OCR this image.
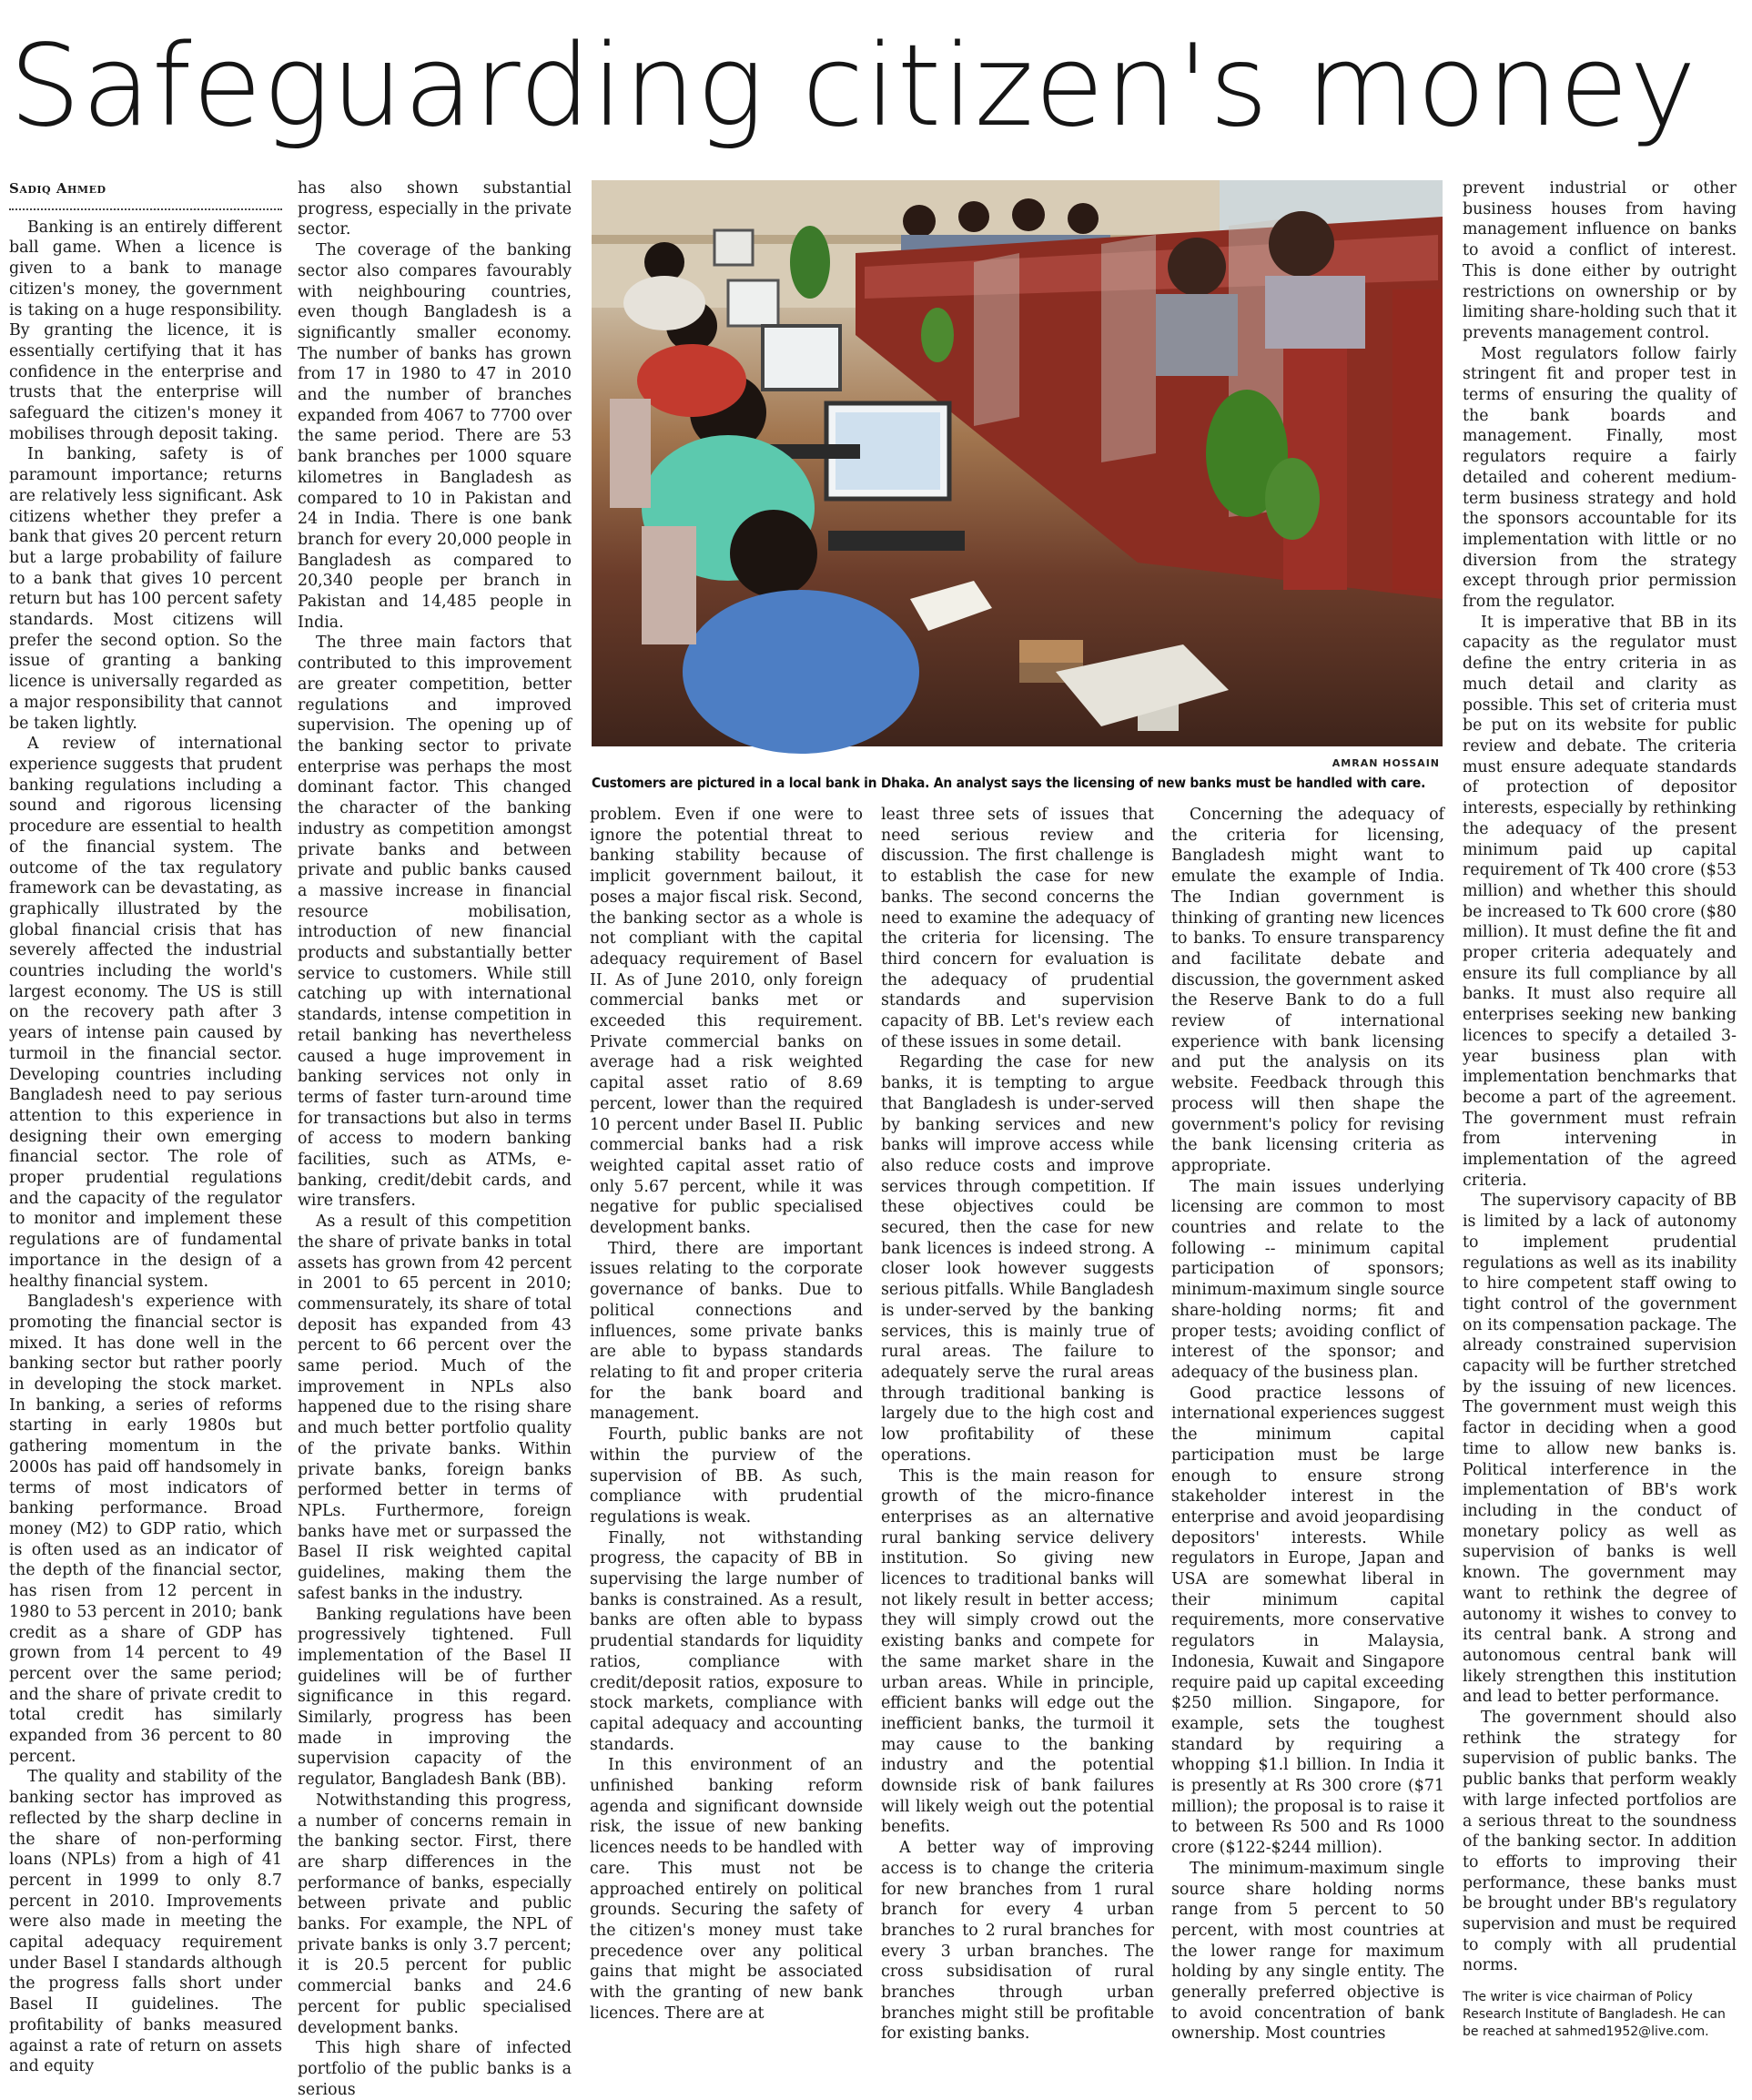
Safeguarding citizen's money
Sadiq Ahmed

Banking is an entirely different ball game. When a licence is given to a bank to manage citizen's money, the government is taking on a huge responsibility. By granting the licence, it is essentially certifying that it has confidence in the enterprise and trusts that the enterprise will safeguard the citizen's money it mobilises through deposit taking.

In banking, safety is of paramount importance; returns are relatively less significant. Ask citizens whether they prefer a bank that gives 20 percent return but a large probability of failure to a bank that gives 10 percent return but has 100 percent safety standards. Most citizens will prefer the second option. So the issue of granting a banking licence is universally regarded as a major responsibility that cannot be taken lightly.

A review of international experience suggests that prudent banking regulations including a sound and rigorous licensing procedure are essential to health of the financial system. The outcome of the tax regulatory framework can be devastating, as graphically illustrated by the global financial crisis that has severely affected the industrial countries including the world's largest economy. The US is still on the recovery path after 3 years of intense pain caused by turmoil in the financial sector. Developing countries including Bangladesh need to pay serious attention to this experience in designing their own emerging financial sector. The role of proper prudential regulations and the capacity of the regulator to monitor and implement these regulations are of fundamental importance in the design of a healthy financial system.

Bangladesh's experience with promoting the financial sector is mixed. It has done well in the banking sector but rather poorly in developing the stock market. In banking, a series of reforms starting in early 1980s but gathering momentum in the 2000s has paid off handsomely in terms of most indicators of banking performance. Broad money (M2) to GDP ratio, which is often used as an indicator of the depth of the financial sector, has risen from 12 percent in 1980 to 53 percent in 2010; bank credit as a share of GDP has grown from 14 percent to 49 percent over the same period; and the share of private credit to total credit has similarly expanded from 36 percent to 80 percent.

The quality and stability of the banking sector has improved as reflected by the sharp decline in the share of non-performing loans (NPLs) from a high of 41 percent in 1999 to only 8.7 percent in 2010. Improvements were also made in meeting the capital adequacy requirement under Basel I standards although the progress falls short under Basel II guidelines. The profitability of banks measured against a rate of return on assets and equity

has also shown substantial progress, especially in the private sector.

The coverage of the banking sector also compares favourably with neighbouring countries, even though Bangladesh is a significantly smaller economy. The number of banks has grown from 17 in 1980 to 47 in 2010 and the number of branches expanded from 4067 to 7700 over the same period. There are 53 bank branches per 1000 square kilometres in Bangladesh as compared to 10 in Pakistan and 24 in India. There is one bank branch for every 20,000 people in Bangladesh as compared to 20,340 people per branch in Pakistan and 14,485 people in India.

The three main factors that contributed to this improvement are greater competition, better regulations and improved supervision. The opening up of the banking sector to private enterprise was perhaps the most dominant factor. This changed the character of the banking industry as competition amongst private banks and between private and public banks caused a massive increase in financial resource mobilisation, introduction of new financial products and substantially better service to customers. While still catching up with international standards, intense competition in retail banking has nevertheless caused a huge improvement in banking services not only in terms of faster turn-around time for transactions but also in terms of access to modern banking facilities, such as ATMs, e-banking, credit/debit cards, and wire transfers.

As a result of this competition the share of private banks in total assets has grown from 42 percent in 2001 to 65 percent in 2010; commensurately, its share of total deposit has expanded from 43 percent to 66 percent over the same period. Much of the improvement in NPLs also happened due to the rising share and much better portfolio quality of the private banks. Within private banks, foreign banks performed better in terms of NPLs. Furthermore, foreign banks have met or surpassed the Basel II risk weighted capital guidelines, making them the safest banks in the industry.

Banking regulations have been progressively tightened. Full implementation of the Basel II guidelines will be of further significance in this regard. Similarly, progress has been made in improving the supervision capacity of the regulator, Bangladesh Bank (BB).

Notwithstanding this progress, a number of concerns remain in the banking sector. First, there are sharp differences in the performance of banks, especially between private and public banks. For example, the NPL of private banks is only 3.7 percent; it is 20.5 percent for public commercial banks and 24.6 percent for public specialised development banks.

This high share of infected portfolio of the public banks is a serious

AMRAN HOSSAIN
Customers are pictured in a local bank in Dhaka. An analyst says the licensing of new banks must be handled with care.

problem. Even if one were to ignore the potential threat to banking stability because of implicit government bailout, it poses a major fiscal risk. Second, the banking sector as a whole is not compliant with the capital adequacy requirement of Basel II. As of June 2010, only foreign commercial banks met or exceeded this requirement. Private commercial banks on average had a risk weighted capital asset ratio of 8.69 percent, lower than the required 10 percent under Basel II. Public commercial banks had a risk weighted capital asset ratio of only 5.67 percent, while it was negative for public specialised development banks.

Third, there are important issues relating to the corporate governance of banks. Due to political connections and influences, some private banks are able to bypass standards relating to fit and proper criteria for the bank board and management.

Fourth, public banks are not within the purview of the supervision of BB. As such, compliance with prudential regulations is weak.

Finally, not withstanding progress, the capacity of BB in supervising the large number of banks is constrained. As a result, banks are often able to bypass prudential standards for liquidity ratios, compliance with credit/deposit ratios, exposure to stock markets, compliance with capital adequacy and accounting standards.

In this environment of an unfinished banking reform agenda and significant downside risk, the issue of new banking licences needs to be handled with care. This must not be approached entirely on political grounds. Securing the safety of the citizen's money must take precedence over any political gains that might be associated with the granting of new bank licences. There are at

least three sets of issues that need serious review and discussion. The first challenge is to establish the case for new banks. The second concerns the need to examine the adequacy of the criteria for licensing. The third concern for evaluation is the adequacy of prudential standards and supervision capacity of BB. Let's review each of these issues in some detail.

Regarding the case for new banks, it is tempting to argue that Bangladesh is under-served by banking services and new banks will improve access while also reduce costs and improve services through competition. If these objectives could be secured, then the case for new bank licences is indeed strong. A closer look however suggests serious pitfalls. While Bangladesh is under-served by the banking services, this is mainly true of rural areas. The failure to adequately serve the rural areas through traditional banking is largely due to the high cost and low profitability of these operations.

This is the main reason for growth of the micro-finance enterprises as an alternative rural banking service delivery institution. So giving new licences to traditional banks will not likely result in better access; they will simply crowd out the existing banks and compete for the same market share in the urban areas. While in principle, efficient banks will edge out the inefficient banks, the turmoil it may cause to the banking industry and the potential downside risk of bank failures will likely weigh out the potential benefits.

A better way of improving access is to change the criteria for new branches from 1 rural branch for every 4 urban branches to 2 rural branches for every 3 urban branches. The cross subsidisation of rural branches through urban branches might still be profitable for existing banks.

Concerning the adequacy of the criteria for licensing, Bangladesh might want to emulate the example of India. The Indian government is thinking of granting new licences to banks. To ensure transparency and facilitate debate and discussion, the government asked the Reserve Bank to do a full review of international experience with bank licensing and put the analysis on its website. Feedback through this process will then shape the government's policy for revising the bank licensing criteria as appropriate.

The main issues underlying licensing are common to most countries and relate to the following -- minimum capital participation of sponsors; minimum-maximum single source share-holding norms; fit and proper tests; avoiding conflict of interest of the sponsor; and adequacy of the business plan.

Good practice lessons of international experiences suggest the minimum capital participation must be large enough to ensure strong stakeholder interest in the enterprise and avoid jeopardising depositors' interests. While regulators in Europe, Japan and USA are somewhat liberal in their minimum capital requirements, more conservative regulators in Malaysia, Indonesia, Kuwait and Singapore require paid up capital exceeding $250 million. Singapore, for example, sets the toughest standard by requiring a whopping $1.l billion. In India it is presently at Rs 300 crore ($71 million); the proposal is to raise it to between Rs 500 and Rs 1000 crore ($122-$244 million).

The minimum-maximum single source share holding norms range from 5 percent to 50 percent, with most countries at the lower range for maximum holding by any single entity. The generally preferred objective is to avoid concentration of bank ownership. Most countries

prevent industrial or other business houses from having management influence on banks to avoid a conflict of interest. This is done either by outright restrictions on ownership or by limiting share-holding such that it prevents management control.

Most regulators follow fairly stringent fit and proper test in terms of ensuring the quality of the bank boards and management. Finally, most regulators require a fairly detailed and coherent medium-term business strategy and hold the sponsors accountable for its implementation with little or no diversion from the strategy except through prior permission from the regulator.

It is imperative that BB in its capacity as the regulator must define the entry criteria in as much detail and clarity as possible. This set of criteria must be put on its website for public review and debate. The criteria must ensure adequate standards of protection of depositor interests, especially by rethinking the adequacy of the present minimum paid up capital requirement of Tk 400 crore ($53 million) and whether this should be increased to Tk 600 crore ($80 million). It must define the fit and proper criteria adequately and ensure its full compliance by all banks. It must also require all enterprises seeking new banking licences to specify a detailed 3-year business plan with implementation benchmarks that become a part of the agreement. The government must refrain from intervening in implementation of the agreed criteria.

The supervisory capacity of BB is limited by a lack of autonomy to implement prudential regulations as well as its inability to hire competent staff owing to tight control of the government on its compensation package. The already constrained supervision capacity will be further stretched by the issuing of new licences. The government must weigh this factor in deciding when a good time to allow new banks is. Political interference in the implementation of BB's work including in the conduct of monetary policy as well as supervision of banks is well known. The government may want to rethink the degree of autonomy it wishes to convey to its central bank. A strong and autonomous central bank will likely strengthen this institution and lead to better performance.

The government should also rethink the strategy for supervision of public banks. The public banks that perform weakly with large infected portfolios are a serious threat to the soundness of the banking sector. In addition to efforts to improving their performance, these banks must be brought under BB's regulatory supervision and must be required to comply with all prudential norms.

The writer is vice chairman of Policy Research Institute of Bangladesh. He can be reached at sahmed1952@live.com.
